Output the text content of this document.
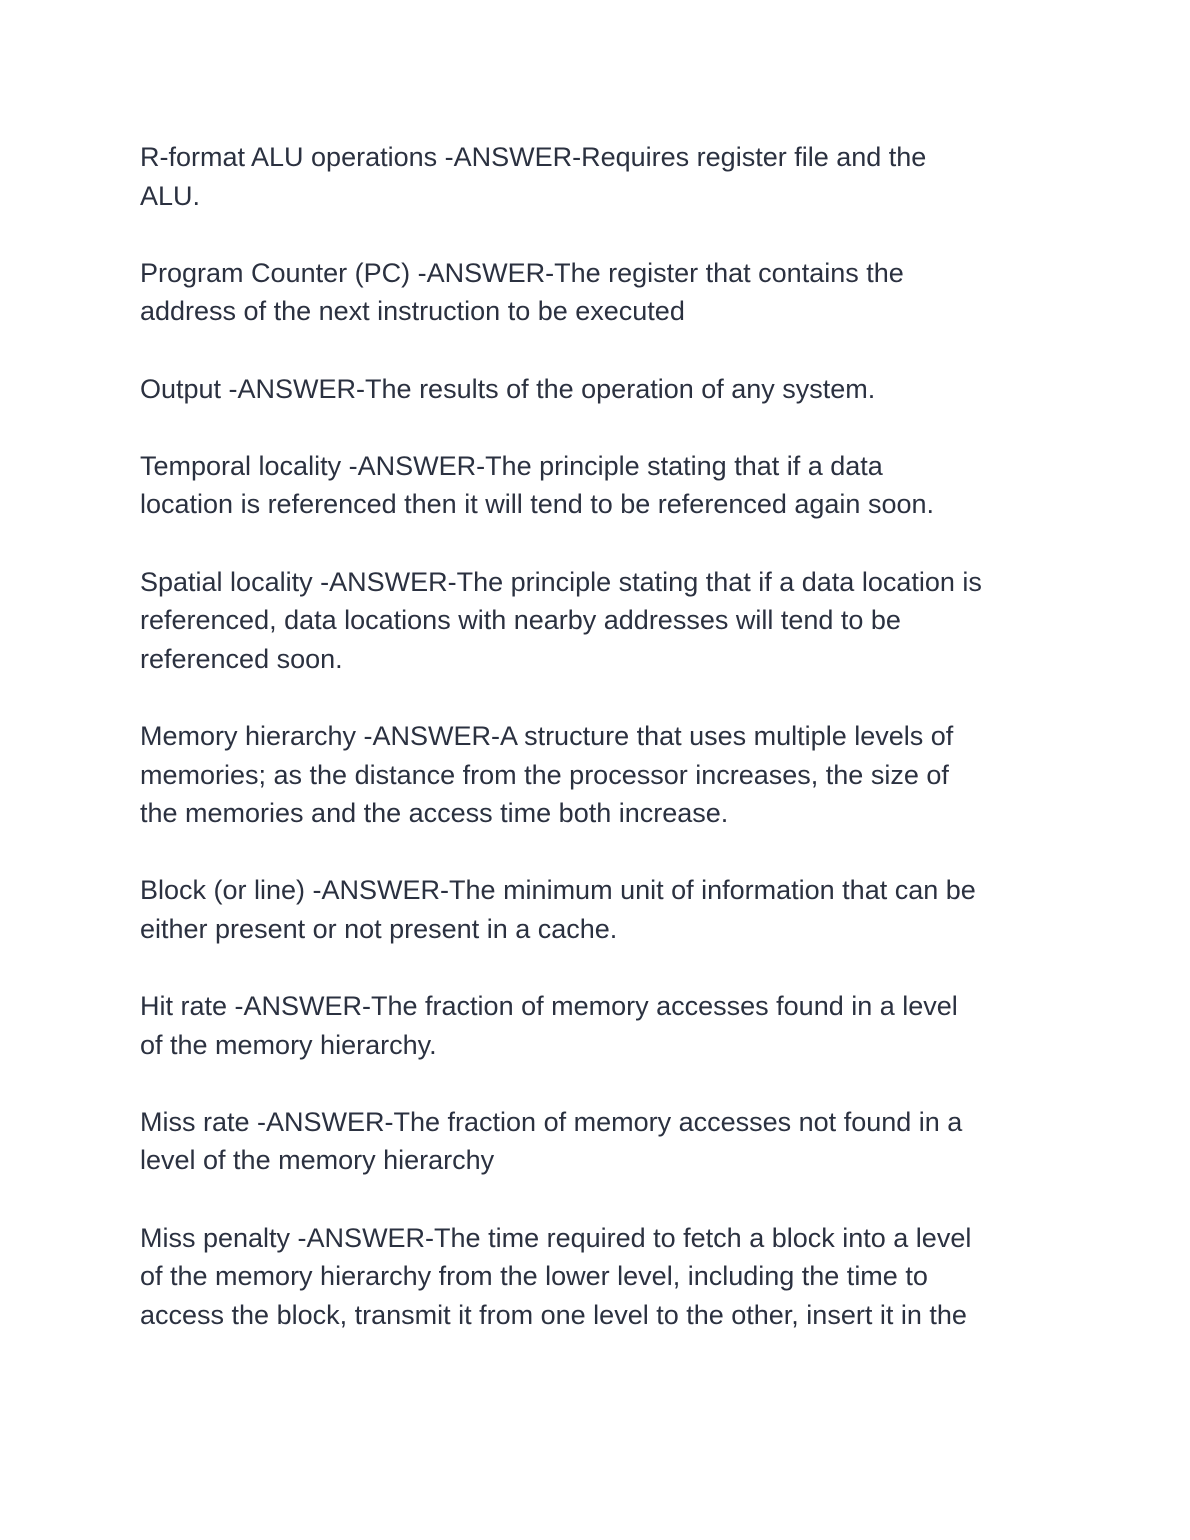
R-format ALU operations -ANSWER-Requires register file and the
ALU.

Program Counter (PC) -ANSWER-The register that contains the
address of the next instruction to be executed

Output -ANSWER-The results of the operation of any system.

Temporal locality -ANSWER-The principle stating that if a data
location is referenced then it will tend to be referenced again soon.

Spatial locality -ANSWER-The principle stating that if a data location is
referenced, data locations with nearby addresses will tend to be
referenced soon.

Memory hierarchy -ANSWER-A structure that uses multiple levels of
memories; as the distance from the processor increases, the size of
the memories and the access time both increase.

Block (or line) -ANSWER-The minimum unit of information that can be
either present or not present in a cache.

Hit rate -ANSWER-The fraction of memory accesses found in a level
of the memory hierarchy.

Miss rate -ANSWER-The fraction of memory accesses not found in a
level of the memory hierarchy

Miss penalty -ANSWER-The time required to fetch a block into a level
of the memory hierarchy from the lower level, including the time to
access the block, transmit it from one level to the other, insert it in the
